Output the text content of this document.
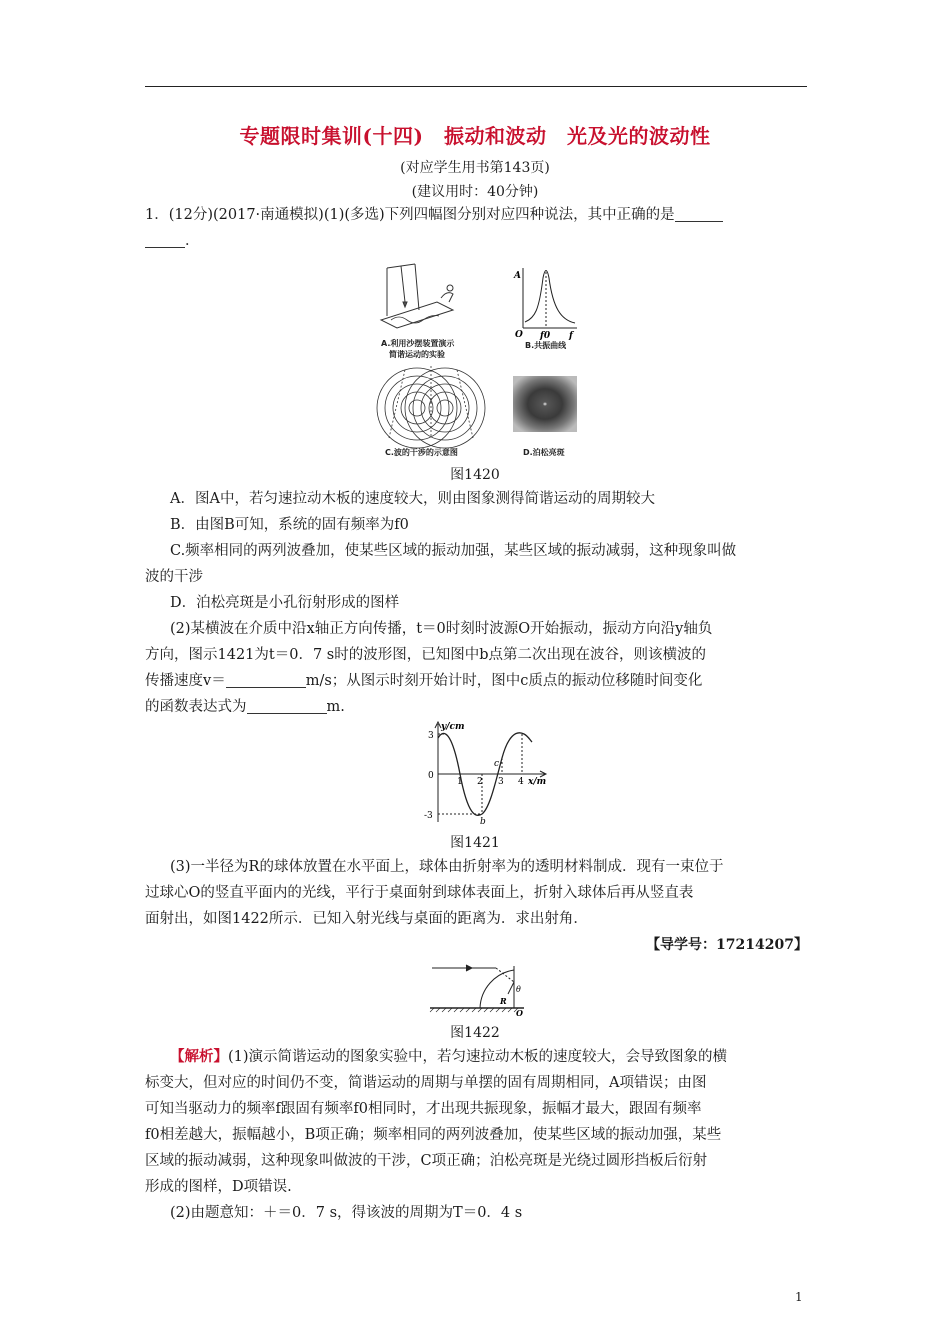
专题限时集训(十四)　振动和波动　光及光的波动性
(对应学生用书第143页)
(建议用时：40分钟)
1．(12分)(2017·南通模拟)(1)(多选)下列四幅图分别对应四种说法，其中正确的是
．
A.利用沙摆装置演示
简谐运动的实验
A
O f0 f
B.共振曲线
C.波的干涉的示意图	D.泊松亮斑
图1420
A．图A中，若匀速拉动木板的速度较大，则由图象测得简谐运动的周期较大
B．由图B可知，系统的固有频率为f0
C.频率相同的两列波叠加，使某些区域的振动加强，某些区域的振动减弱，这种现象叫做
波的干涉
D．泊松亮斑是小孔衍射形成的图样
(2)某横波在介质中沿x轴正方向传播，t＝0时刻时波源O开始振动，振动方向沿y轴负
方向，图示1421为t＝0．7 s时的波形图，已知图中b点第二次出现在波谷，则该横波的
传播速度v＝	m/s；从图示时刻开始计时，图中c质点的振动位移随时间变化
的函数表达式为	m.
y/cm
x/m
3
-3
0
1 2 3 4
b
c
图1421
(3)一半径为R的球体放置在水平面上，球体由折射率为的透明材料制成．现有一束位于
过球心O的竖直平面内的光线，平行于桌面射到球体表面上，折射入球体后再从竖直表
面射出，如图1422所示．已知入射光线与桌面的距离为．求出射角．
【导学号：17214207】
R
O
θ
图1422
【解析】(1)演示简谐运动的图象实验中，若匀速拉动木板的速度较大，会导致图象的横
标变大，但对应的时间仍不变，简谐运动的周期与单摆的固有周期相同，A项错误；由图
可知当驱动力的频率f跟固有频率f0相同时，才出现共振现象，振幅才最大，跟固有频率
f0相差越大，振幅越小，B项正确；频率相同的两列波叠加，使某些区域的振动加强，某些
区域的振动减弱，这种现象叫做波的干涉，C项正确；泊松亮斑是光绕过圆形挡板后衍射
形成的图样，D项错误.
(2)由题意知：＋＝0．7 s，得该波的周期为T＝0．4 s
1
